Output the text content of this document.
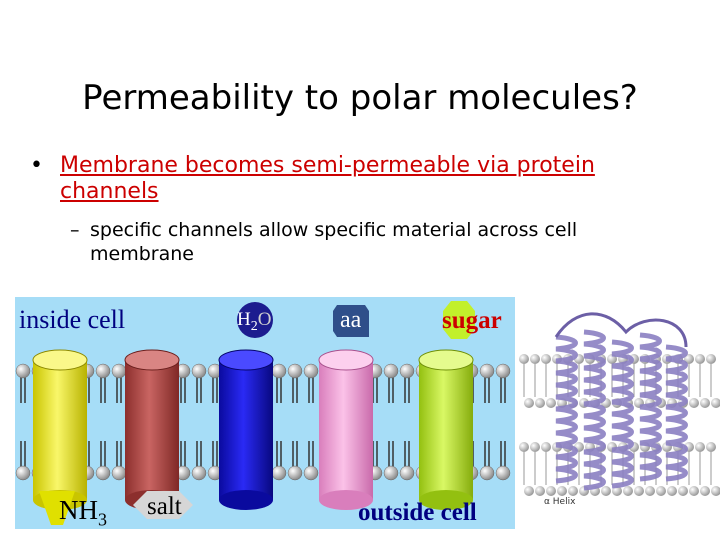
Permeability to polar molecules?
• Membrane becomes semi-permeable via protein channels
– specific channels allow specific material across cell membrane
inside cell	$H_2O$	aa	sugar
$NH_3$ salt	outside cell	α Helix
